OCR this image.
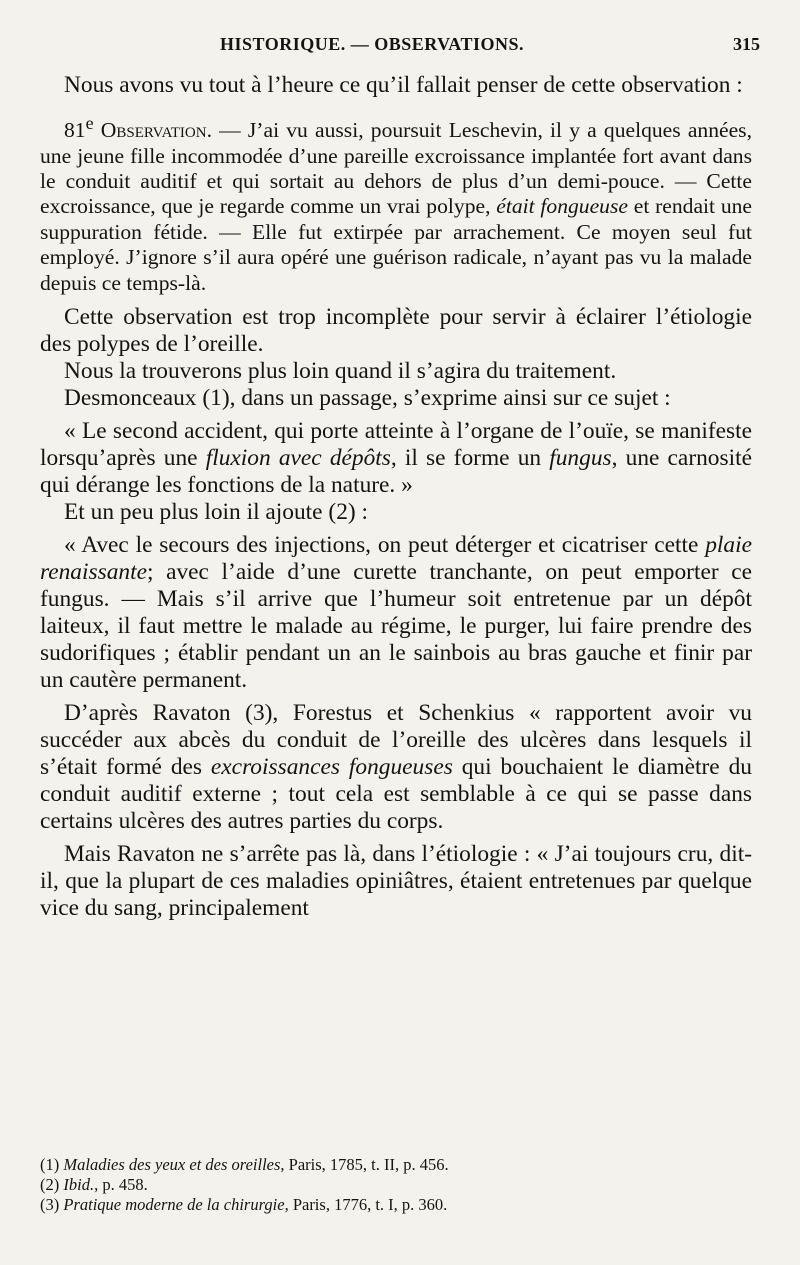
HISTORIQUE. — OBSERVATIONS.	315

Nous avons vu tout à l’heure ce qu’il fallait penser de cette observation :

81e Observation. — J’ai vu aussi, poursuit Leschevin, il y a quelques années, une jeune fille incommodée d’une pareille excroissance implantée fort avant dans le conduit auditif et qui sortait au dehors de plus d’un demi-pouce. — Cette excroissance, que je regarde comme un vrai polype, était fongueuse et rendait une suppuration fétide. — Elle fut extirpée par arrachement. Ce moyen seul fut employé. J’ignore s’il aura opéré une guérison radicale, n’ayant pas vu la malade depuis ce temps-là.

Cette observation est trop incomplète pour servir à éclairer l’étiologie des polypes de l’oreille.

Nous la trouverons plus loin quand il s’agira du traitement.

Desmonceaux (1), dans un passage, s’exprime ainsi sur ce sujet :

« Le second accident, qui porte atteinte à l’organe de l’ouïe, se manifeste lorsqu’après une fluxion avec dépôts, il se forme un fungus, une carnosité qui dérange les fonctions de la nature. »

Et un peu plus loin il ajoute (2) :

« Avec le secours des injections, on peut déterger et cicatriser cette plaie renaissante; avec l’aide d’une curette tranchante, on peut emporter ce fungus. — Mais s’il arrive que l’humeur soit entretenue par un dépôt laiteux, il faut mettre le malade au régime, le purger, lui faire prendre des sudorifiques ; établir pendant un an le sainbois au bras gauche et finir par un cautère permanent.

D’après Ravaton (3), Forestus et Schenkius « rapportent avoir vu succéder aux abcès du conduit de l’oreille des ulcères dans lesquels il s’était formé des excroissances fongueuses qui bouchaient le diamètre du conduit auditif externe ; tout cela est semblable à ce qui se passe dans certains ulcères des autres parties du corps.

Mais Ravaton ne s’arrête pas là, dans l’étiologie : « J’ai toujours cru, dit-il, que la plupart de ces maladies opiniâtres, étaient entretenues par quelque vice du sang, principalement

(1) Maladies des yeux et des oreilles, Paris, 1785, t. II, p. 456.
(2) Ibid., p. 458.
(3) Pratique moderne de la chirurgie, Paris, 1776, t. I, p. 360.
